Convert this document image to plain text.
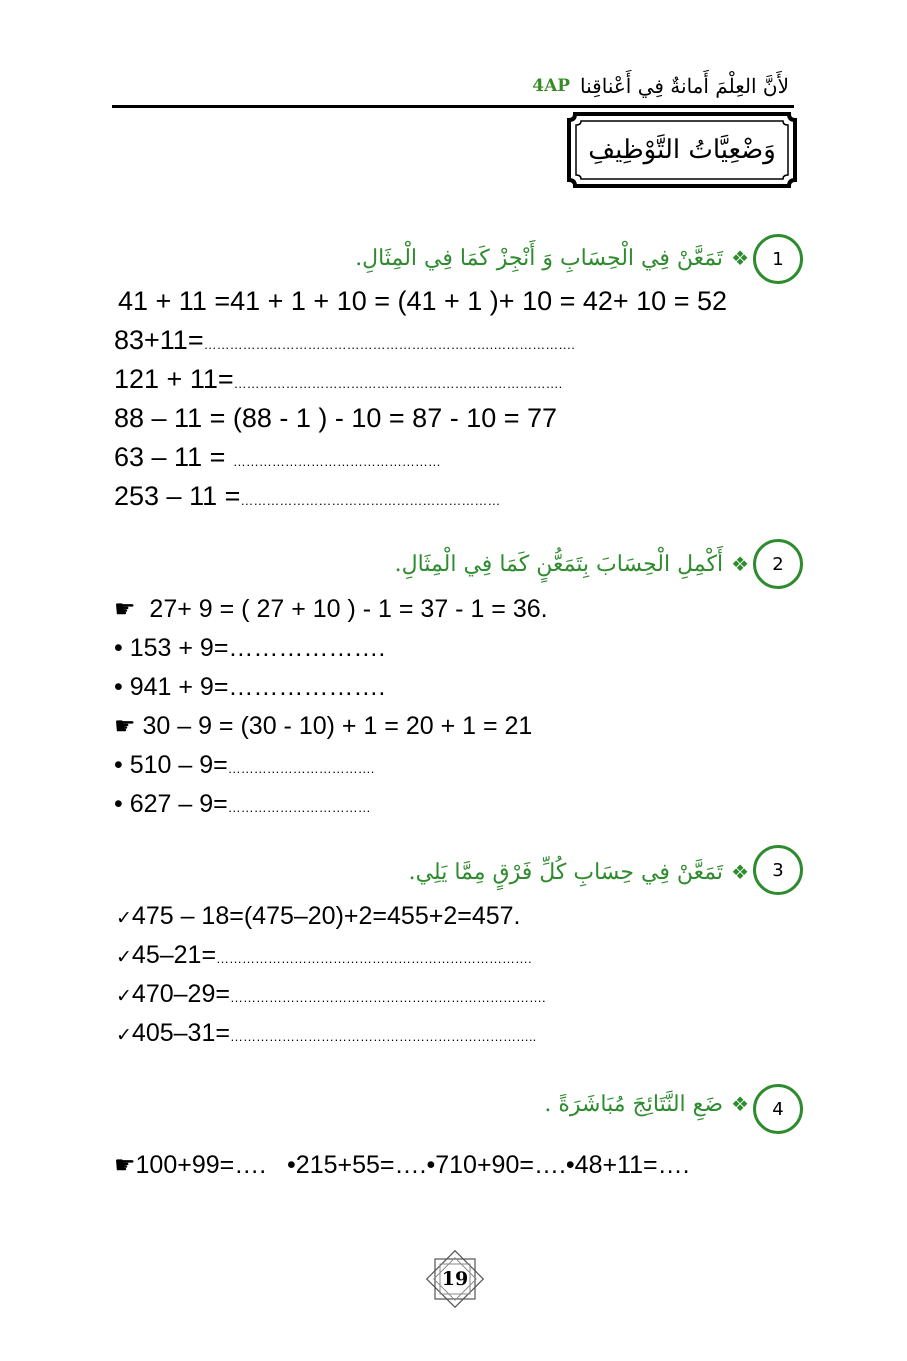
لأَنَّ العِلْمَ أَمانةٌ فِي أَعْناقِنا
4AP
وَضْعِيَّاتُ التَّوْظِيفِ
1
❖
تَمَعَّنْ فِي الْحِسَابِ وَ أَنْجِزْ كَمَا فِي الْمِثَالِ.
41 + 11 =41 + 1 + 10 = (41 + 1 )+ 10 = 42+ 10 = 52
83+11=………………………………………………………….……………….
121 + 11=………………………………………………………………….
88 – 11 = (88 - 1 ) - 10 = 87 - 10 = 77
63 – 11 = …………………………………………
253 – 11 =……………………………………………………
2
❖
أَكْمِلِ الْحِسَابَ بِتَمَعُّنٍ كَمَا فِي الْمِثَالِ.
☛ 27+ 9 = ( 27 + 10 ) - 1 = 37 - 1 = 36.
• 153 + 9=……………….
• 941 + 9=……………….
☛ 30 – 9 = (30 - 10) + 1 = 20 + 1 = 21
• 510 – 9=…………………………….
• 627 – 9=……………………………
3
❖
تَمَعَّنْ فِي حِسَابِ كُلِّ فَرْقٍ مِمَّا يَلِي.
✓475 – 18=(475–20)+2=455+2=457.
✓45–21=……………………………………………………………….
✓470–29=……………………………………………………………….
✓405–31=……………………………………………………………..
4
❖
ضَعِ النَّتَائِجَ مُبَاشَرَةً .
☛100+99=…. •215+55=….•710+90=….•48+11=….
19
